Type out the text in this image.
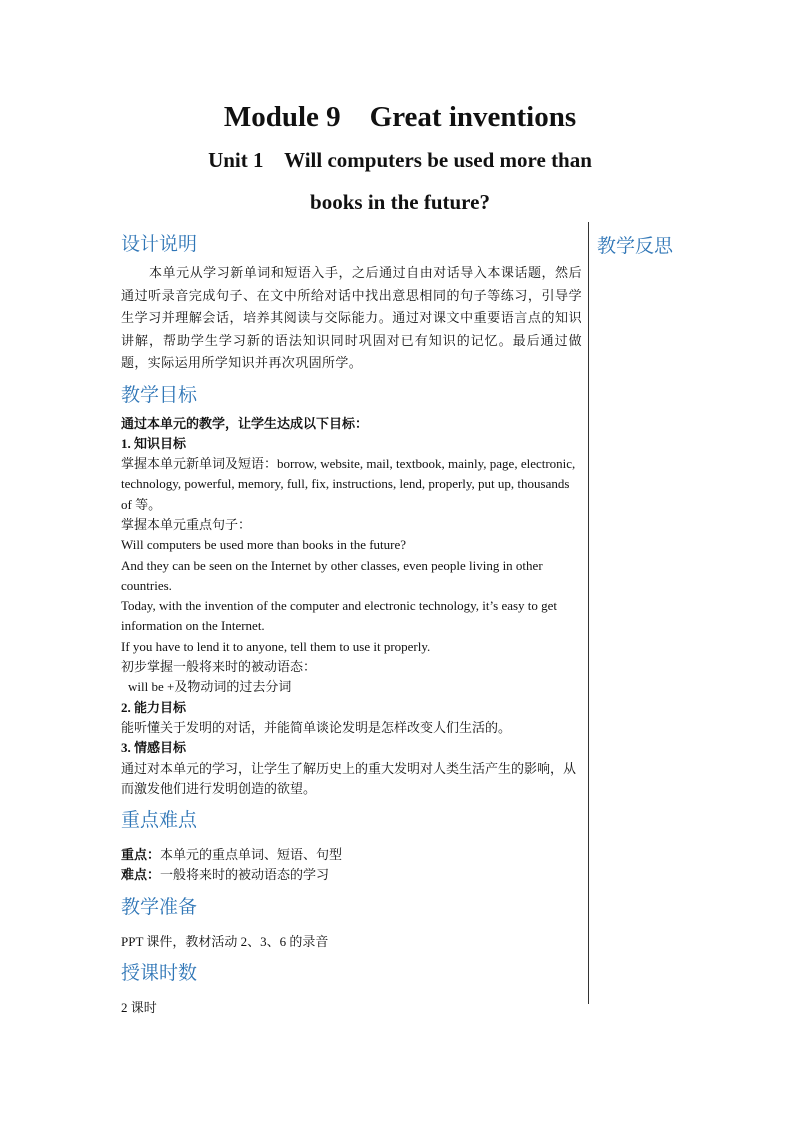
Module 9    Great inventions
Unit 1    Will computers be used more than
books in the future?
教学反思
设计说明

本单元从学习新单词和短语入手，之后通过自由对话导入本课话题，然后通过听录音完成句子、在文中所给对话中找出意思相同的句子等练习，引导学生学习并理解会话，培养其阅读与交际能力。通过对课文中重要语言点的知识讲解，帮助学生学习新的语法知识同时巩固对已有知识的记忆。最后通过做题，实际运用所学知识并再次巩固所学。

教学目标

通过本单元的教学，让学生达成以下目标：

1. 知识目标

掌握本单元新单词及短语：borrow, website, mail, textbook, mainly, page, electronic, technology, powerful, memory, full, fix, instructions, lend, properly, put up, thousands of 等。

掌握本单元重点句子：

Will computers be used more than books in the future?

And they can be seen on the Internet by other classes, even people living in other countries.

Today, with the invention of the computer and electronic technology, it’s easy to get information on the Internet.

If you have to lend it to anyone, tell them to use it properly.

初步掌握一般将来时的被动语态：

will be +及物动词的过去分词

2. 能力目标

能听懂关于发明的对话，并能简单谈论发明是怎样改变人们生活的。

3. 情感目标

通过对本单元的学习，让学生了解历史上的重大发明对人类生活产生的影响，从而激发他们进行发明创造的欲望。

重点难点

重点：本单元的重点单词、短语、句型

难点：一般将来时的被动语态的学习

教学准备

PPT 课件，教材活动 2、3、6 的录音

授课时数

2 课时
